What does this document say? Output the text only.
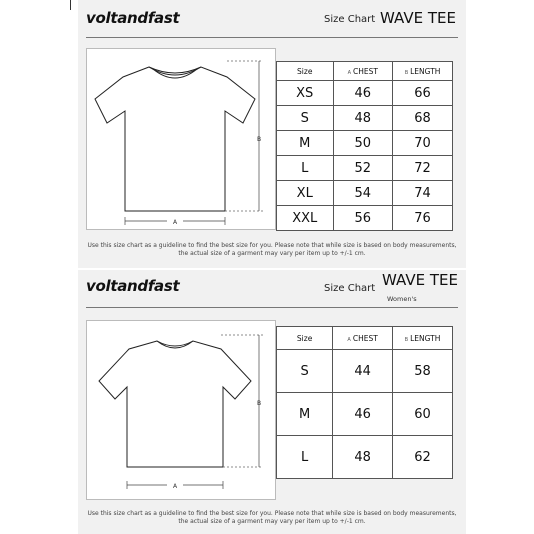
voltandfast	Size Chart WAVE TEE
A
B
Size	A CHEST	B LENGTH
XS	46	66
S	48	68
M	50	70
L	52	72
XL	54	74
XXL	56	76
Use this size chart as a guideline to find the best size for you. Please note that while size is based on body measurements,
the actual size of a garment may vary per item up to +/-1 cm.
voltandfast	Size Chart WAVE TEE
Women's
A
B
Size	A CHEST	B LENGTH
S	44	58
M	46	60
L	48	62
Use this size chart as a guideline to find the best size for you. Please note that while size is based on body measurements,
the actual size of a garment may vary per item up to +/-1 cm.
